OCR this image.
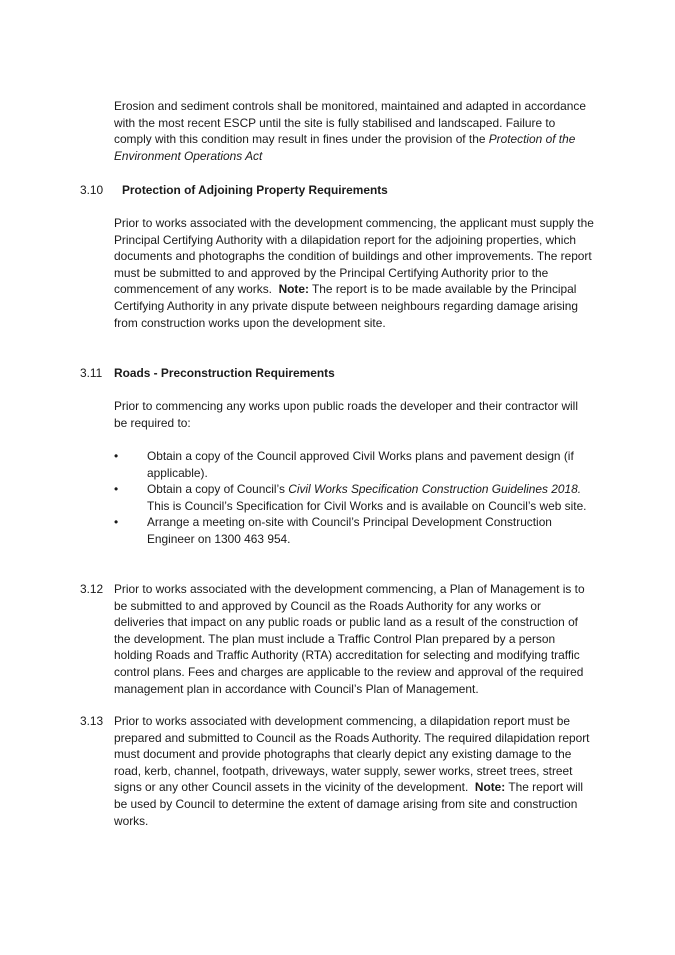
Erosion and sediment controls shall be monitored, maintained and adapted in accordance with the most recent ESCP until the site is fully stabilised and landscaped. Failure to comply with this condition may result in fines under the provision of the Protection of the Environment Operations Act

3.10 Protection of Adjoining Property Requirements

Prior to works associated with the development commencing, the applicant must supply the Principal Certifying Authority with a dilapidation report for the adjoining properties, which documents and photographs the condition of buildings and other improvements. The report must be submitted to and approved by the Principal Certifying Authority prior to the commencement of any works. Note: The report is to be made available by the Principal Certifying Authority in any private dispute between neighbours regarding damage arising from construction works upon the development site.

3.11 Roads - Preconstruction Requirements

Prior to commencing any works upon public roads the developer and their contractor will be required to:

• Obtain a copy of the Council approved Civil Works plans and pavement design (if applicable).
• Obtain a copy of Council’s Civil Works Specification Construction Guidelines 2018. This is Council’s Specification for Civil Works and is available on Council’s web site.
• Arrange a meeting on-site with Council’s Principal Development Construction Engineer on 1300 463 954.

3.12 Prior to works associated with the development commencing, a Plan of Management is to be submitted to and approved by Council as the Roads Authority for any works or deliveries that impact on any public roads or public land as a result of the construction of the development. The plan must include a Traffic Control Plan prepared by a person holding Roads and Traffic Authority (RTA) accreditation for selecting and modifying traffic control plans. Fees and charges are applicable to the review and approval of the required management plan in accordance with Council’s Plan of Management.

3.13 Prior to works associated with development commencing, a dilapidation report must be prepared and submitted to Council as the Roads Authority. The required dilapidation report must document and provide photographs that clearly depict any existing damage to the road, kerb, channel, footpath, driveways, water supply, sewer works, street trees, street signs or any other Council assets in the vicinity of the development. Note: The report will be used by Council to determine the extent of damage arising from site and construction works.
